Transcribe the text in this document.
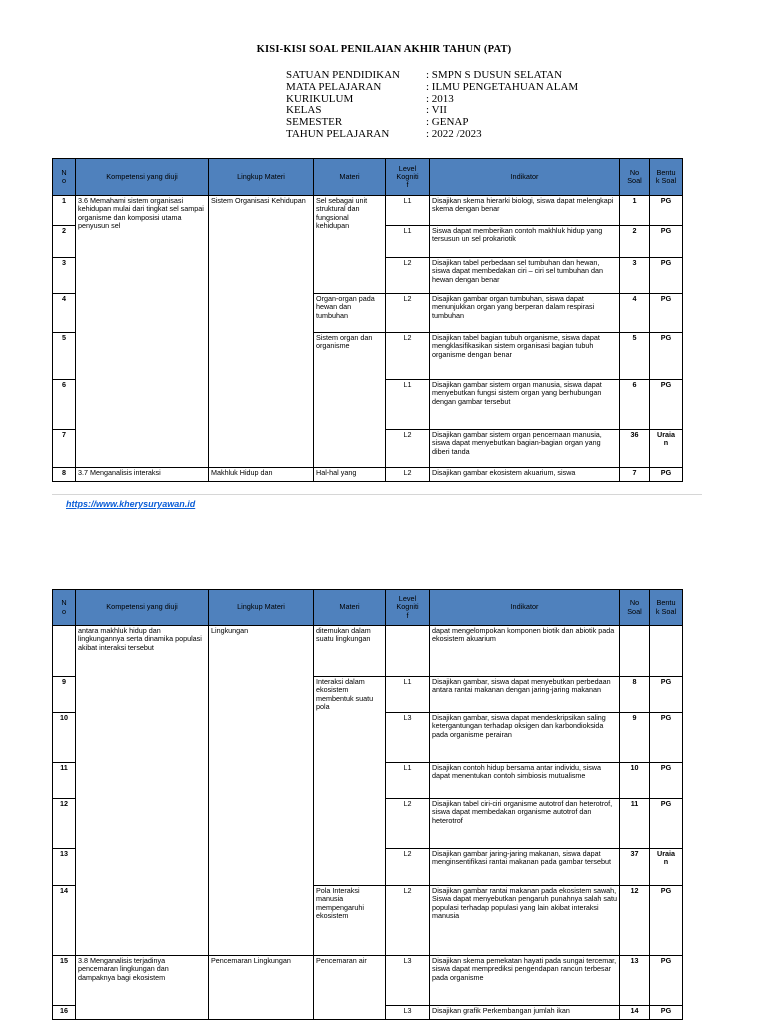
KISI-KISI SOAL PENILAIAN AKHIR TAHUN (PAT)
SATUAN PENDIDIKAN	: SMPN S DUSUN SELATAN
MATA PELAJARAN	: ILMU PENGETAHUAN ALAM
KURIKULUM	: 2013
KELAS	: VII
SEMESTER	: GENAP
TAHUN PELAJARAN	: 2022 /2023
N
o	Kompetensi yang diuji	Lingkup Materi	Materi	Level
Kogniti
f	Indikator	No
Soal	Bentu
k Soal
1	3.6 Memahami sistem organisasi kehidupan mulai dari tingkat sel sampai organisme dan komposisi utama penyusun sel	Sistem Organisasi Kehidupan	Sel sebagai unit struktural dan fungsional kehidupan	L1	Disajikan skema hierarki biologi, siswa dapat melengkapi skema dengan benar	1	PG
2				L1	Siswa dapat memberikan contoh makhluk hidup yang tersusun un sel prokariotik	2	PG
3				L2	Disajikan tabel perbedaan sel tumbuhan dan hewan, siswa dapat membedakan ciri – ciri sel tumbuhan dan hewan dengan benar	3	PG
4			Organ-organ pada hewan dan tumbuhan	L2	Disajikan gambar organ tumbuhan, siswa dapat menunjukkan organ yang berperan dalam respirasi tumbuhan	4	PG
5			Sistem organ dan organisme	L2	Disajikan tabel bagian tubuh organisme, siswa dapat mengklasifikasikan sistem organisasi bagian tubuh organisme dengan benar	5	PG
6				L1	Disajikan gambar sistem organ manusia, siswa dapat menyebutkan fungsi sistem organ yang berhubungan dengan gambar tersebut	6	PG
7				L2	Disajikan gambar sistem organ pencernaan manusia, siswa dapat menyebutkan bagian-bagian organ yang diberi tanda	36	Uraia
n
8	3.7 Menganalisis interaksi	Makhluk Hidup dan	Hal-hal yang	L2	Disajikan gambar ekosistem akuarium, siswa	7	PG
https://www.kherysuryawan.id
N
o	Kompetensi yang diuji	Lingkup Materi	Materi	Level
Kogniti
f	Indikator	No
Soal	Bentu
k Soal
	antara makhluk hidup dan lingkungannya serta dinamika populasi akibat interaksi tersebut	Lingkungan	ditemukan dalam suatu lingkungan		dapat mengelompokan komponen biotik dan abiotik pada ekosistem akuarium		
9			Interaksi dalam ekosistem membentuk suatu pola	L1	Disajikan gambar, siswa dapat menyebutkan perbedaan antara rantai makanan dengan jaring-jaring makanan	8	PG
10				L3	Disajikan gambar, siswa dapat mendeskripsikan saling ketergantungan terhadap oksigen dan karbondioksida pada organisme perairan	9	PG
11				L1	Disajikan contoh hidup bersama antar individu, siswa dapat menentukan contoh simbiosis mutualisme	10	PG
12				L2	Disajikan tabel ciri-ciri organisme autotrof dan heterotrof, siswa dapat membedakan organisme autotrof dan heterotrof	11	PG
13				L2	Disajikan gambar jaring-jaring makanan, siswa dapat menginsentifikasi rantai makanan pada gambar tersebut	37	Uraia
n
14			Pola Interaksi manusia mempengaruhi ekosistem	L2	Disajikan gambar rantai makanan pada ekosistem sawah, Siswa dapat menyebutkan pengaruh punahnya salah satu populasi terhadap populasi yang lain akibat interaksi manusia	12	PG
15	3.8 Menganalisis terjadinya pencemaran lingkungan dan dampaknya bagi ekosistem	Pencemaran Lingkungan	Pencemaran air	L3	Disajikan skema pemekatan hayati pada sungai tercemar, siswa dapat memprediksi pengendapan rancun terbesar pada organisme	13	PG
16				L3	Disajikan grafik Perkembangan jumlah ikan	14	PG
